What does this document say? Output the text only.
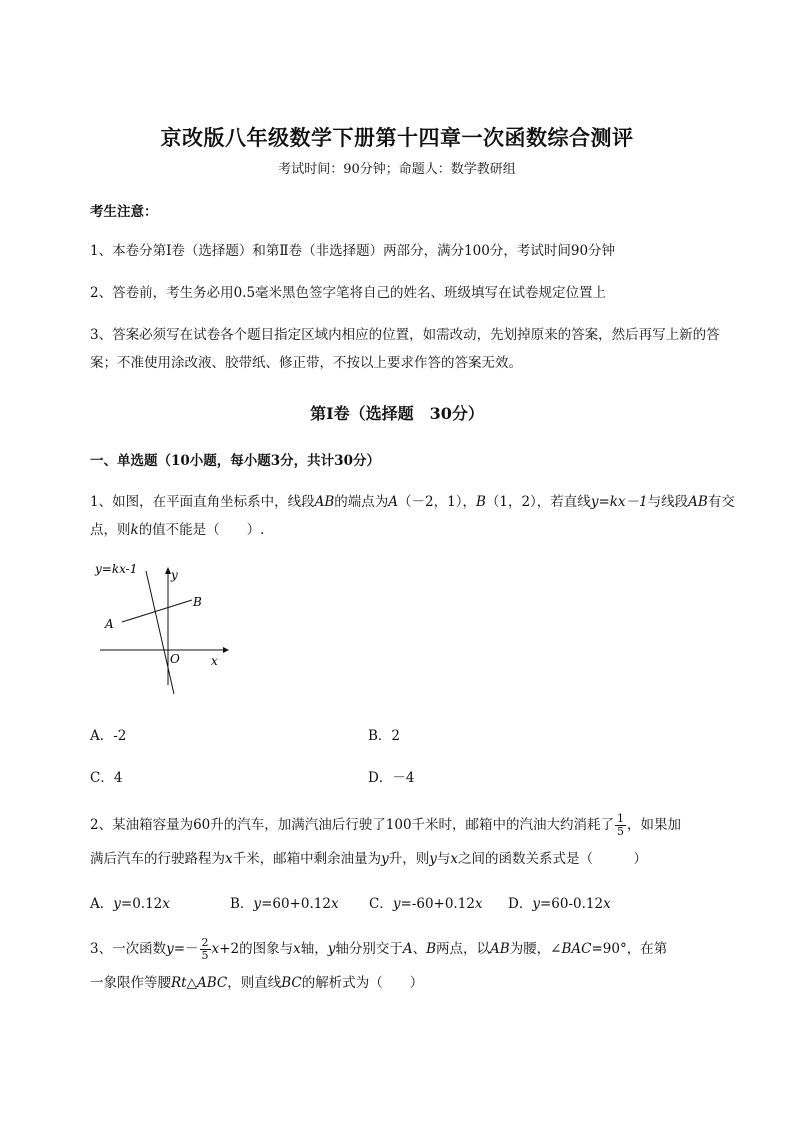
京改版八年级数学下册第十四章一次函数综合测评
考试时间：90分钟；命题人：数学教研组
考生注意：
1、本卷分第I卷（选择题）和第Ⅱ卷（非选择题）两部分，满分100分，考试时间90分钟
2、答卷前，考生务必用0.5毫米黑色签字笔将自己的姓名、班级填写在试卷规定位置上
3、答案必须写在试卷各个题目指定区域内相应的位置，如需改动，先划掉原来的答案，然后再写上新的答案；不准使用涂改液、胶带纸、修正带，不按以上要求作答的答案无效。
第I卷（选择题　30分）
一、单选题（10小题，每小题3分，共计30分）
1、如图，在平面直角坐标系中，线段AB的端点为A（－2，1），B（1，2），若直线y=kx－1与线段AB有交点，则k的值不能是（　　）.
y=kx-1	y
x
O
A
B
A．-2	B．2
C．4	D．－4
2、某油箱容量为60升的汽车，加满汽油后行驶了100千米时，邮箱中的汽油大约消耗了 $\frac{1}{5}$ ，如果加
满后汽车的行驶路程为x千米，邮箱中剩余油量为y升，则y与x之间的函数关系式是（　　　）
A．y=0.12x	B．y=60+0.12x C．y=-60+0.12x D．y=60-0.12x
3、一次函数$y=- \frac{2}{5} x+2$的图象与x轴，y轴分别交于A、B两点，以AB为腰，∠BAC=90°，在第
一象限作等腰Rt△ABC，则直线BC的解析式为（　　）
